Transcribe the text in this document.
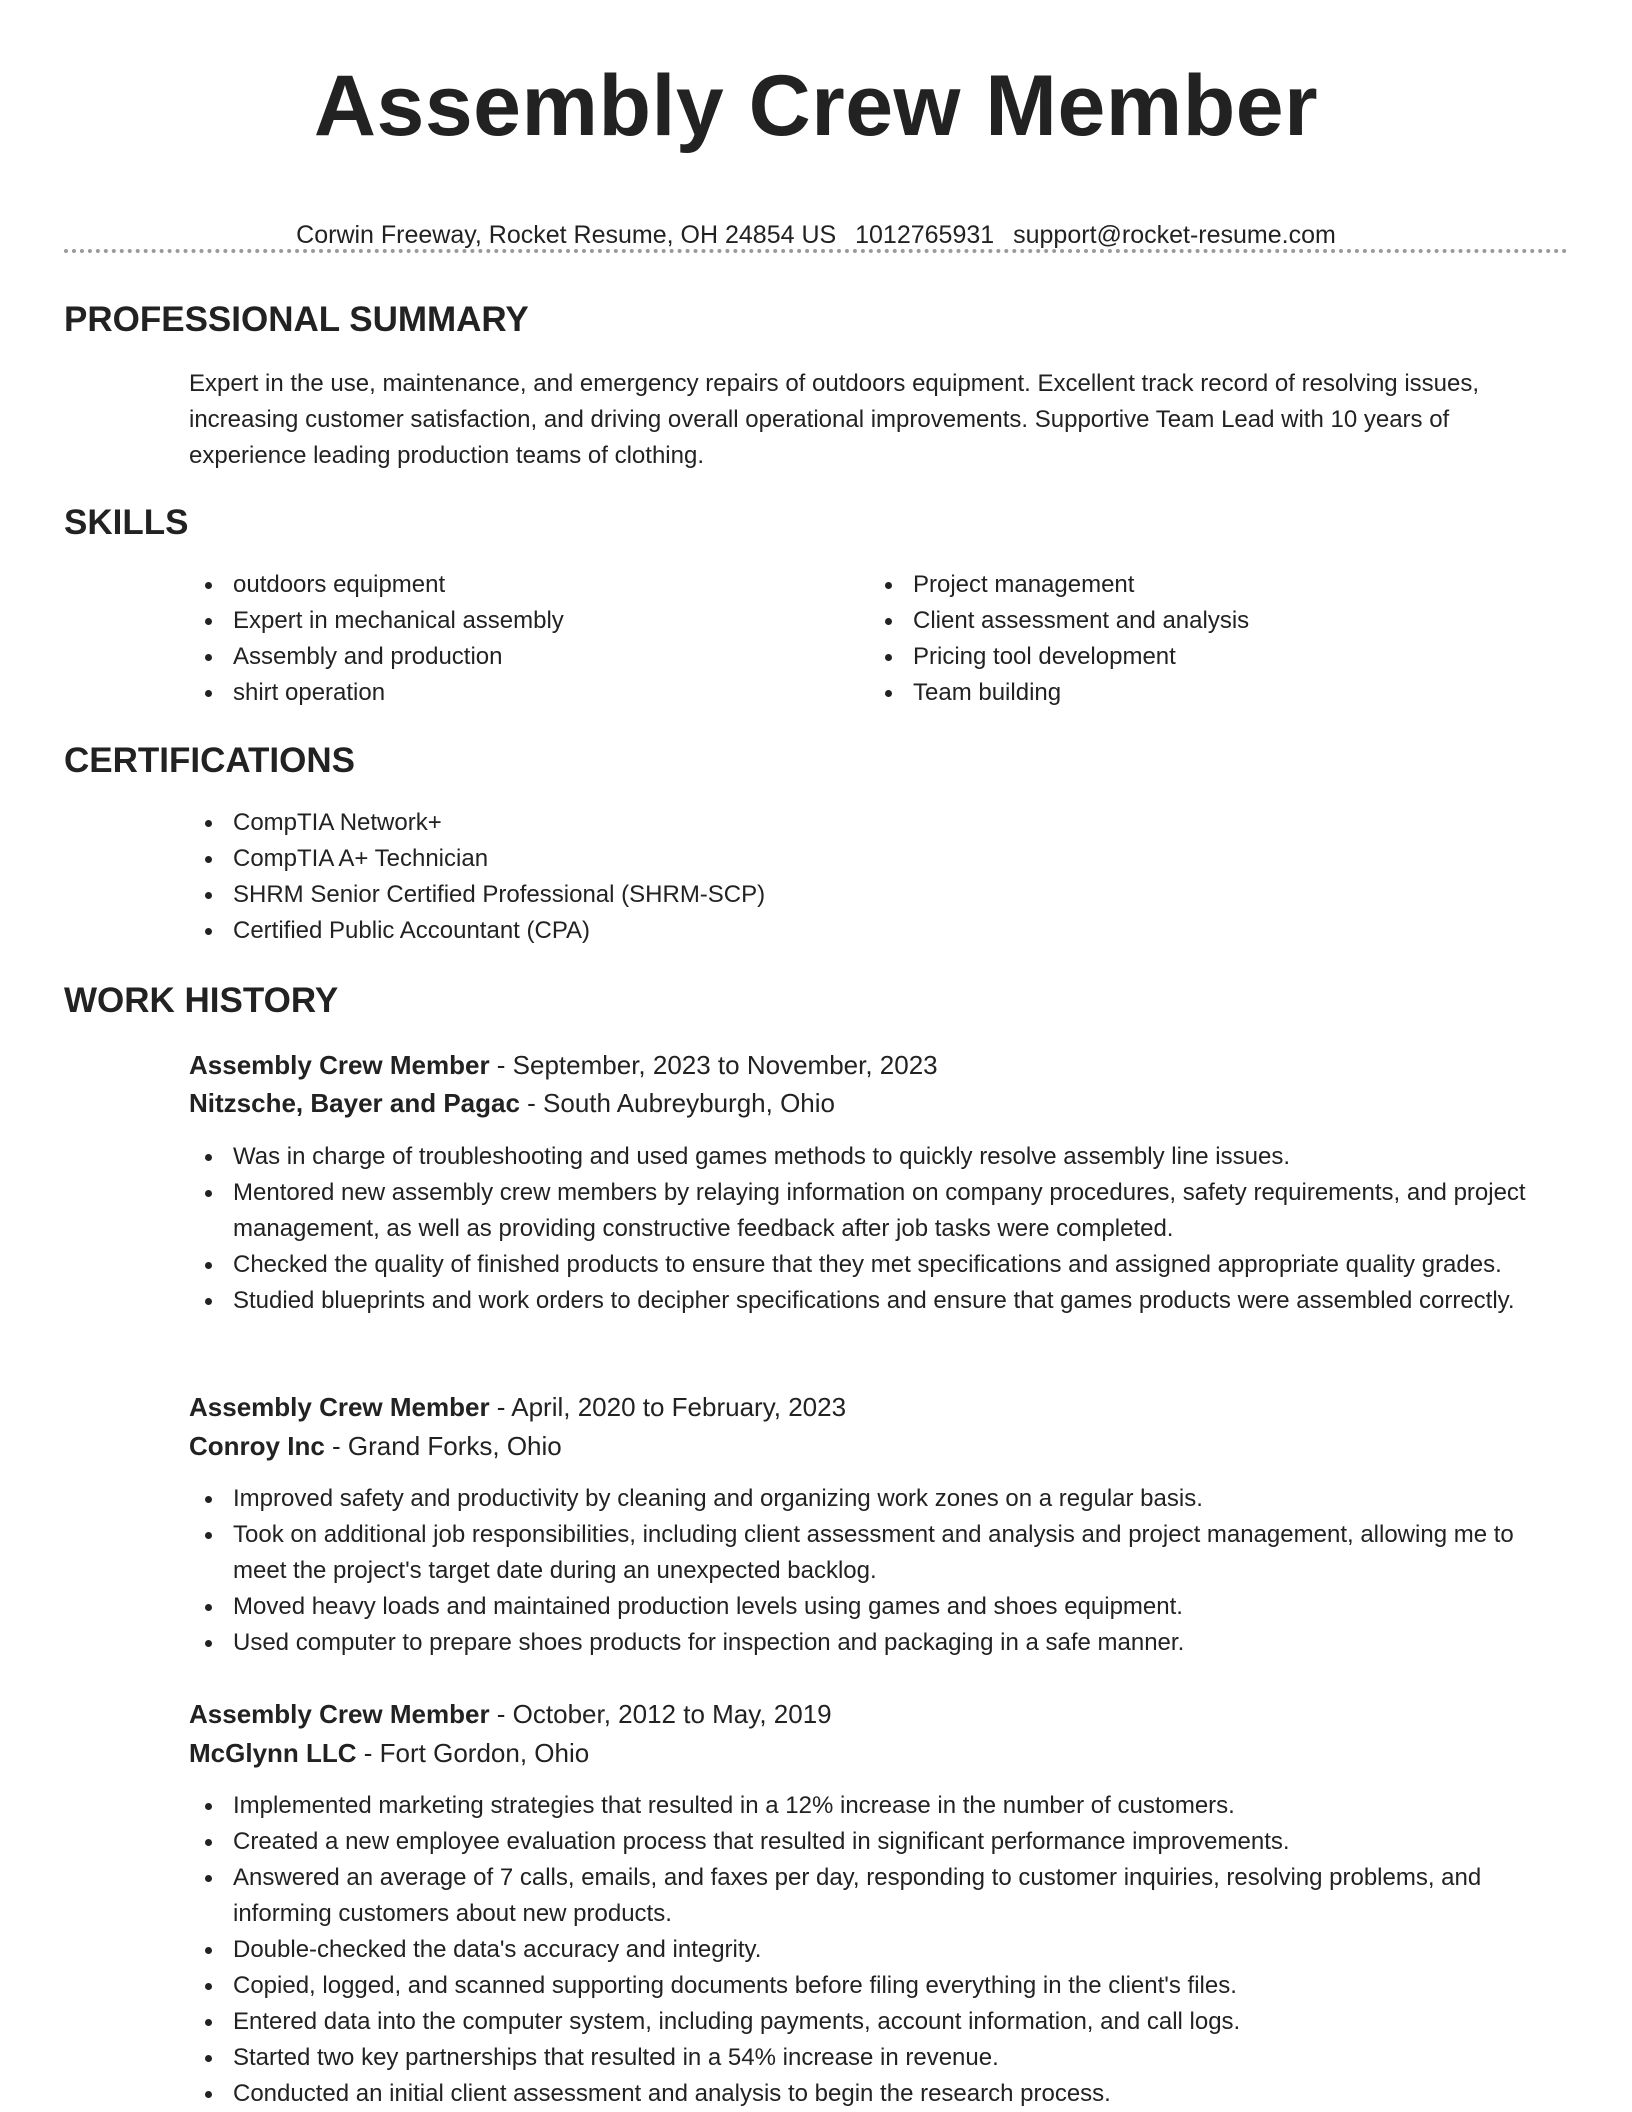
Assembly Crew Member
Corwin Freeway, Rocket Resume, OH 24854 US 1012765931 support@rocket-resume.com
PROFESSIONAL SUMMARY

Expert in the use, maintenance, and emergency repairs of outdoors equipment. Excellent track record of resolving issues, increasing customer satisfaction, and driving overall operational improvements. Supportive Team Lead with 10 years of experience leading production teams of clothing.

SKILLS
outdoors equipment
Expert in mechanical assembly
Assembly and production
shirt operation
Project management
Client assessment and analysis
Pricing tool development
Team building
CERTIFICATIONS
CompTIA Network+
CompTIA A+ Technician
SHRM Senior Certified Professional (SHRM-SCP)
Certified Public Accountant (CPA)
WORK HISTORY
Assembly Crew Member - September, 2023 to November, 2023
Nitzsche, Bayer and Pagac - South Aubreyburgh, Ohio
Was in charge of troubleshooting and used games methods to quickly resolve assembly line issues.
Mentored new assembly crew members by relaying information on company procedures, safety requirements, and project management, as well as providing constructive feedback after job tasks were completed.
Checked the quality of finished products to ensure that they met specifications and assigned appropriate quality grades.
Studied blueprints and work orders to decipher specifications and ensure that games products were assembled correctly.
Assembly Crew Member - April, 2020 to February, 2023
Conroy Inc - Grand Forks, Ohio
Improved safety and productivity by cleaning and organizing work zones on a regular basis.
Took on additional job responsibilities, including client assessment and analysis and project management, allowing me to meet the project's target date during an unexpected backlog.
Moved heavy loads and maintained production levels using games and shoes equipment.
Used computer to prepare shoes products for inspection and packaging in a safe manner.
Assembly Crew Member - October, 2012 to May, 2019
McGlynn LLC - Fort Gordon, Ohio
Implemented marketing strategies that resulted in a 12% increase in the number of customers.
Created a new employee evaluation process that resulted in significant performance improvements.
Answered an average of 7 calls, emails, and faxes per day, responding to customer inquiries, resolving problems, and informing customers about new products.
Double-checked the data's accuracy and integrity.
Copied, logged, and scanned supporting documents before filing everything in the client's files.
Entered data into the computer system, including payments, account information, and call logs.
Started two key partnerships that resulted in a 54% increase in revenue.
Conducted an initial client assessment and analysis to begin the research process.
